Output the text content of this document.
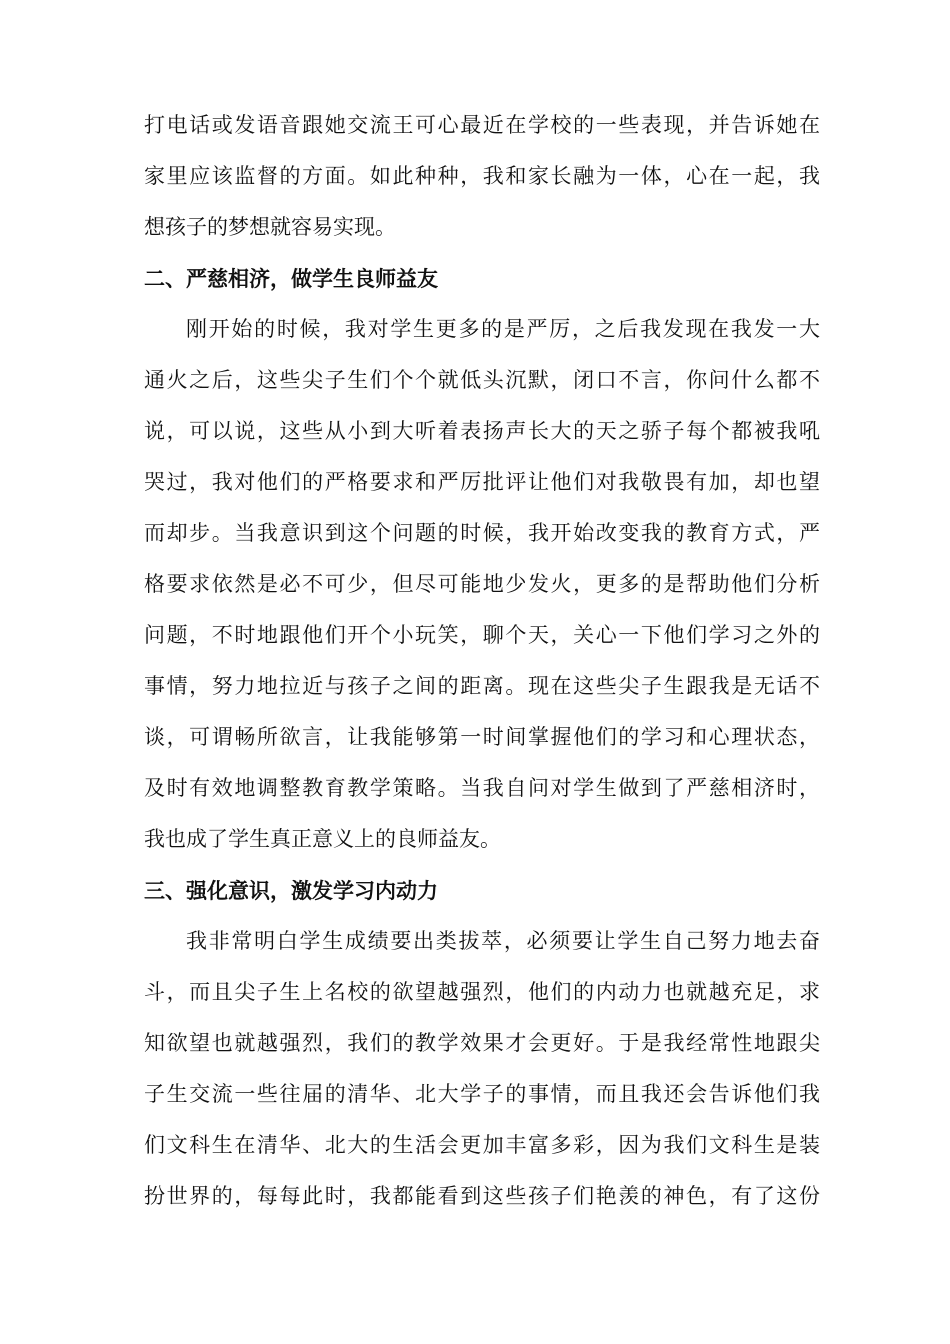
打电话或发语音跟她交流王可心最近在学校的一些表现，并告诉她在
家里应该监督的方面。如此种种，我和家长融为一体，心在一起，我
想孩子的梦想就容易实现。
二、严慈相济，做学生良师益友
刚开始的时候，我对学生更多的是严厉，之后我发现在我发一大
通火之后，这些尖子生们个个就低头沉默，闭口不言，你问什么都不
说，可以说，这些从小到大听着表扬声长大的天之骄子每个都被我吼
哭过，我对他们的严格要求和严厉批评让他们对我敬畏有加，却也望
而却步。当我意识到这个问题的时候，我开始改变我的教育方式，严
格要求依然是必不可少，但尽可能地少发火，更多的是帮助他们分析
问题，不时地跟他们开个小玩笑，聊个天，关心一下他们学习之外的
事情，努力地拉近与孩子之间的距离。现在这些尖子生跟我是无话不
谈，可谓畅所欲言，让我能够第一时间掌握他们的学习和心理状态，
及时有效地调整教育教学策略。当我自问对学生做到了严慈相济时，
我也成了学生真正意义上的良师益友。
三、强化意识，激发学习内动力
我非常明白学生成绩要出类拔萃，必须要让学生自己努力地去奋
斗，而且尖子生上名校的欲望越强烈，他们的内动力也就越充足，求
知欲望也就越强烈，我们的教学效果才会更好。于是我经常性地跟尖
子生交流一些往届的清华、北大学子的事情，而且我还会告诉他们我
们文科生在清华、北大的生活会更加丰富多彩，因为我们文科生是装
扮世界的，每每此时，我都能看到这些孩子们艳羡的神色，有了这份
